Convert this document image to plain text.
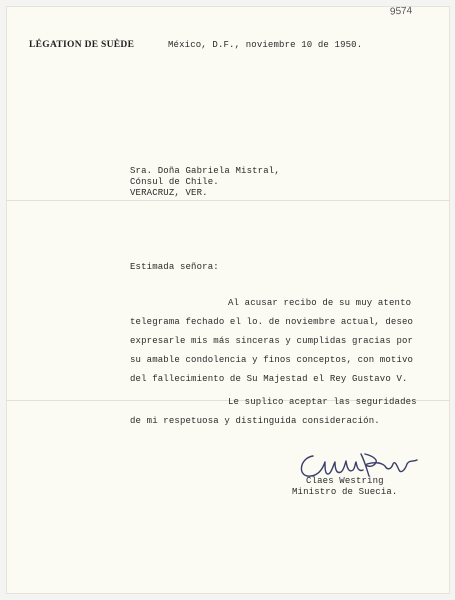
9574
LÉGATION DE SUÈDE	México, D.F., noviembre 10 de 1950.
Sra. Doña Gabriela Mistral,
Cónsul de Chile.
VERACRUZ, VER.
Estimada señora:
Al acusar recibo de su muy atento
telegrama fechado el lo. de noviembre actual, deseo
expresarle mis más sinceras y cumplidas gracias por
su amable condolencia y finos conceptos, con motivo
del fallecimiento de Su Majestad el Rey Gustavo V.
Le suplico aceptar las seguridades
de mi respetuosa y distinguida consideración.
Claes Westring
Ministro de Suecia.
